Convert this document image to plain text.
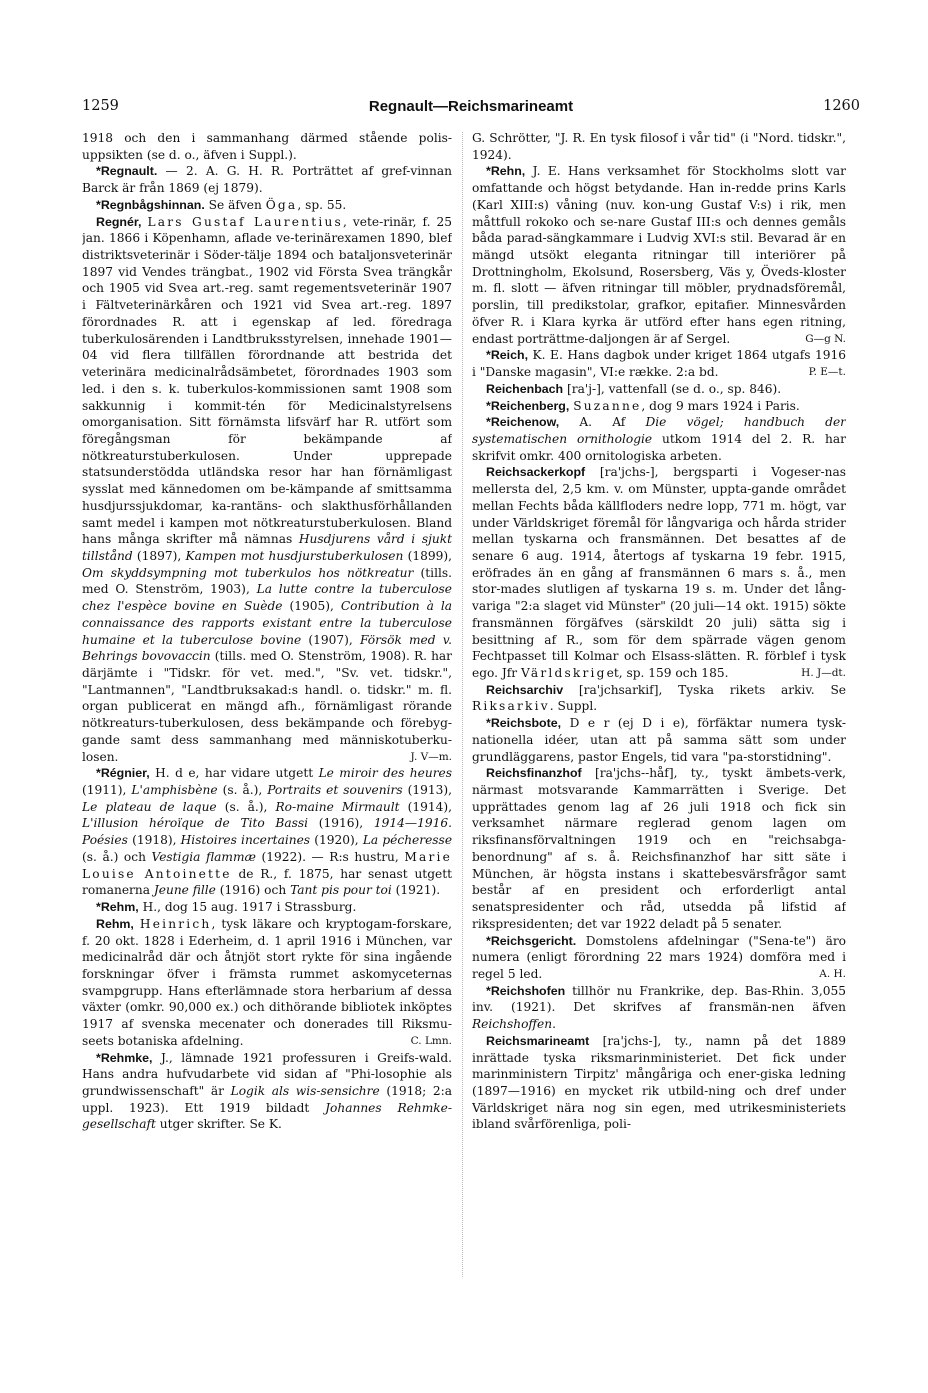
1259	Regnault—Reichsmarineamt	1260

1918 och den i sammanhang därmed stående polis-uppsikten (se d. o., äfven i Suppl.).

*Regnault. — 2. A. G. H. R. Porträttet af gref-vinnan Barck är från 1869 (ej 1879).

*Regnbågshinnan. Se äfven Öga, sp. 55.

Regnér, Lars Gustaf Laurentius, vete-rinär, f. 25 jan. 1866 i Köpenhamn, aflade ve-terinärexamen 1890, blef distriktsveterinär i Söder-tälje 1894 och bataljonsveterinär 1897 vid Vendes trängbat., 1902 vid Första Svea trängkår och 1905 vid Svea art.-reg. samt regementsveterinär 1907 i Fältveterinärkåren och 1921 vid Svea art.-reg. 1897 förordnades R. att i egenskap af led. föredraga tuberkulosärenden i Landtbruksstyrelsen, innehade 1901—04 vid flera tillfällen förordnande att bestrida det veterinära medicinalrådsämbetet, förordnades 1903 som led. i den s. k. tuberkulos-kommissionen samt 1908 som sakkunnig i kommit-tén för Medicinalstyrelsens omorganisation. Sitt förnämsta lifsvärf har R. utfört som föregångsman för bekämpande af nötkreaturstuberkulosen. Under upprepade statsunderstödda utländska resor har han förnämligast sysslat med kännedomen om be-kämpande af smittsamma husdjurssjukdomar, ka-rantäns- och slakthusförhållanden samt medel i kampen mot nötkreaturstuberkulosen. Bland hans många skrifter må nämnas Husdjurens vård i sjukt tillstånd (1897), Kampen mot husdjurstuberkulosen (1899), Om skyddsympning mot tuberkulos hos nötkreatur (tills. med O. Stenström, 1903), La lutte contre la tuberculose chez l'espèce bovine en Suède (1905), Contribution à la connaissance des rapports existant entre la tuberculose humaine et la tuberculose bovine (1907), Försök med v. Behrings bovovaccin (tills. med O. Stenström, 1908). R. har därjämte i "Tidskr. för vet. med.", "Sv. vet. tidskr.", "Lantmannen", "Landtbruksakad:s handl. o. tidskr." m. fl. organ publicerat en mängd afh., förnämligast rörande nötkreaturs-tuberkulosen, dess bekämpande och förebyg-gande samt dess sammanhang med människotuberku-losen.	J. V—m.

*Régnier, H. d e, har vidare utgett Le miroir des heures (1911), L'amphisbène (s. å.), Portraits et souvenirs (1913), Le plateau de laque (s. å.), Ro-maine Mirmault (1914), L'illusion héroïque de Tito Bassi (1916), 1914—1916. Poésies (1918), Histoires incertaines (1920), La pécheresse (s. å.) och Vestigia flammæ (1922). — R:s hustru, Marie Louise Antoinette de R., f. 1875, har senast utgett romanerna Jeune fille (1916) och Tant pis pour toi (1921).

*Rehm, H., dog 15 aug. 1917 i Strassburg.

Rehm, Heinrich, tysk läkare och kryptogam-forskare, f. 20 okt. 1828 i Ederheim, d. 1 april 1916 i München, var medicinalråd där och åtnjöt stort rykte för sina ingående forskningar öfver i främsta rummet askomyceternas svampgrupp. Hans efterlämnade stora herbarium af dessa växter (omkr. 90,000 ex.) och dithörande bibliotek inköptes 1917 af svenska mecenater och donerades till Riksmu-seets botaniska afdelning.	C. Lmn.

*Rehmke, J., lämnade 1921 professuren i Greifs-wald. Hans andra hufvudarbete vid sidan af "Phi-losophie als grundwissenschaft" är Logik als wis-sensichre (1918; 2:a uppl. 1923). Ett 1919 bildadt Johannes Rehmke-gesellschaft utger skrifter. Se K.

G. Schrötter, "J. R. En tysk filosof i vår tid" (i "Nord. tidskr.", 1924).

*Rehn, J. E. Hans verksamhet för Stockholms slott var omfattande och högst betydande. Han in-redde prins Karls (Karl XIII:s) våning (nuv. kon-ung Gustaf V:s) i rik, men måttfull rokoko och se-nare Gustaf III:s och dennes gemåls båda parad-sängkammare i Ludvig XVI:s stil. Bevarad är en mängd utsökt eleganta ritningar till interiörer på Drottningholm, Ekolsund, Rosersberg, Väs y, Öveds-kloster m. fl. slott — äfven ritningar till möbler, prydnadsföremål, porslin, till predikstolar, grafkor, epitafier. Minnesvården öfver R. i Klara kyrka är utförd efter hans egen ritning, endast porträttme-daljongen är af Sergel.	G—g N.

*Reich, K. E. Hans dagbok under kriget 1864 utgafs 1916 i "Danske magasin", VI:e række. 2:a bd.	P. E—t.

Reichenbach [ra'j-], vattenfall (se d. o., sp. 846).

*Reichenberg, Suzanne, dog 9 mars 1924 i Paris.

*Reichenow, A. Af Die vögel; handbuch der systematischen ornithologie utkom 1914 del 2. R. har skrifvit omkr. 400 ornitologiska arbeten.

Reichsackerkopf [ra'jchs-], bergsparti i Vogeser-nas mellersta del, 2,5 km. v. om Münster, uppta-gande området mellan Fechts båda källfloders nedre lopp, 771 m. högt, var under Världskriget föremål för långvariga och hårda strider mellan tyskarna och fransmännen. Det besattes af de senare 6 aug. 1914, återtogs af tyskarna 19 febr. 1915, eröfrades än en gång af fransmännen 6 mars s. å., men stor-mades slutligen af tyskarna 19 s. m. Under det lång-variga "2:a slaget vid Münster" (20 juli—14 okt. 1915) sökte fransmännen förgäfves (särskildt 20 juli) sätta sig i besittning af R., som för dem spärrade vägen genom Fechtpasset till Kolmar och Elsass-slätten. R. förblef i tysk ego. Jfr Världskriget, sp. 159 och 185.	H. J—dt.

Reichsarchiv [ra'jchsarkif], Tyska rikets arkiv. Se Riksarkiv. Suppl.

*Reichsbote, D e r (ej D i e), förfäktar numera tysk-nationella idéer, utan att på samma sätt som under grundläggarens, pastor Engels, tid vara "pa-storstidning".

Reichsfinanzhof [ra'jchs--håf], ty., tyskt ämbets-verk, närmast motsvarande Kammarrätten i Sverige. Det upprättades genom lag af 26 juli 1918 och fick sin verksamhet närmare reglerad genom lagen om riksfinansförvaltningen 1919 och en "reichsabga-benordnung" af s. å. Reichsfinanzhof har sitt säte i München, är högsta instans i skattebesvärsfrågor samt består af en president och erforderligt antal senatspresidenter och råd, utsedda på lifstid af rikspresidenten; det var 1922 deladt på 5 senater.

*Reichsgericht. Domstolens afdelningar ("Sena-te") äro numera (enligt förordning 22 mars 1924) domföra med i regel 5 led.	A. H.

*Reichshofen tillhör nu Frankrike, dep. Bas-Rhin. 3,055 inv. (1921). Det skrifves af fransmän-nen äfven Reichshoffen.

Reichsmarineamt [ra'jchs-], ty., namn på det 1889 inrättade tyska riksmarinministeriet. Det fick under marinministern Tirpitz' mångåriga och ener-giska ledning (1897—1916) en mycket rik utbild-ning och dref under Världskriget nära nog sin egen, med utrikesministeriets ibland svårförenliga, poli-
